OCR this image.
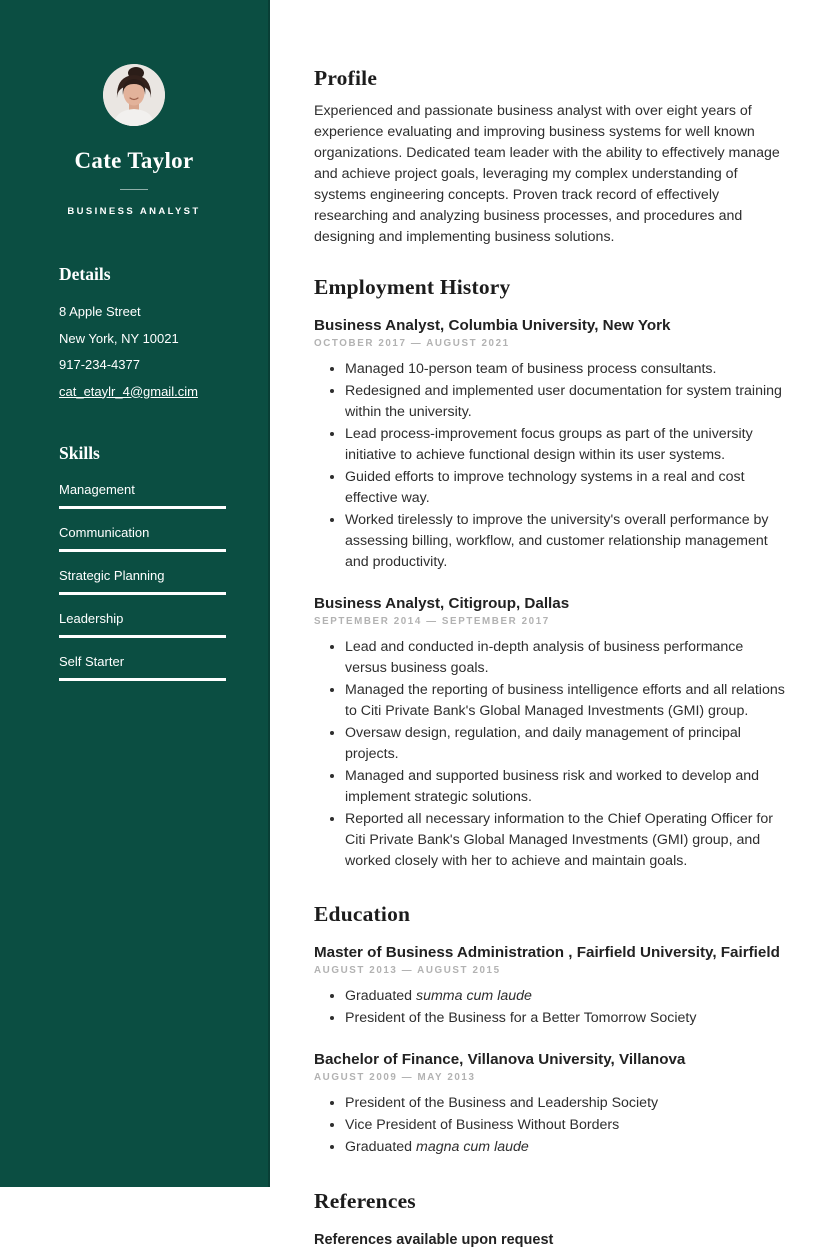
Cate Taylor
BUSINESS ANALYST
Details
8 Apple Street
New York, NY 10021
917-234-4377
cat_etaylr_4@gmail.cim
Skills
Management
Communication
Strategic Planning
Leadership
Self Starter
Profile

Experienced and passionate business analyst with over eight years of experience evaluating and improving business systems for well known organizations. Dedicated team leader with the ability to effectively manage and achieve project goals, leveraging my complex understanding of systems engineering concepts. Proven track record of effectively researching and analyzing business processes, and procedures and designing and implementing business solutions.

Employment History
Business Analyst, Columbia University, New York
OCTOBER 2017 — AUGUST 2021
• Managed 10-person team of business process consultants.
• Redesigned and implemented user documentation for system training within the university.
• Lead process-improvement focus groups as part of the university initiative to achieve functional design within its user systems.
• Guided efforts to improve technology systems in a real and cost effective way.
• Worked tirelessly to improve the university's overall performance by assessing billing, workflow, and customer relationship management and productivity.
Business Analyst, Citigroup, Dallas
SEPTEMBER 2014 — SEPTEMBER 2017
• Lead and conducted in-depth analysis of business performance versus business goals.
• Managed the reporting of business intelligence efforts and all relations to Citi Private Bank's Global Managed Investments (GMI) group.
• Oversaw design, regulation, and daily management of principal projects.
• Managed and supported business risk and worked to develop and implement strategic solutions.
• Reported all necessary information to the Chief Operating Officer for Citi Private Bank's Global Managed Investments (GMI) group, and worked closely with her to achieve and maintain goals.
Education
Master of Business Administration , Fairfield University, Fairfield
AUGUST 2013 — AUGUST 2015
• Graduated summa cum laude
• President of the Business for a Better Tomorrow Society
Bachelor of Finance, Villanova University, Villanova
AUGUST 2009 — MAY 2013
• President of the Business and Leadership Society
• Vice President of Business Without Borders
• Graduated magna cum laude
References
References available upon request
